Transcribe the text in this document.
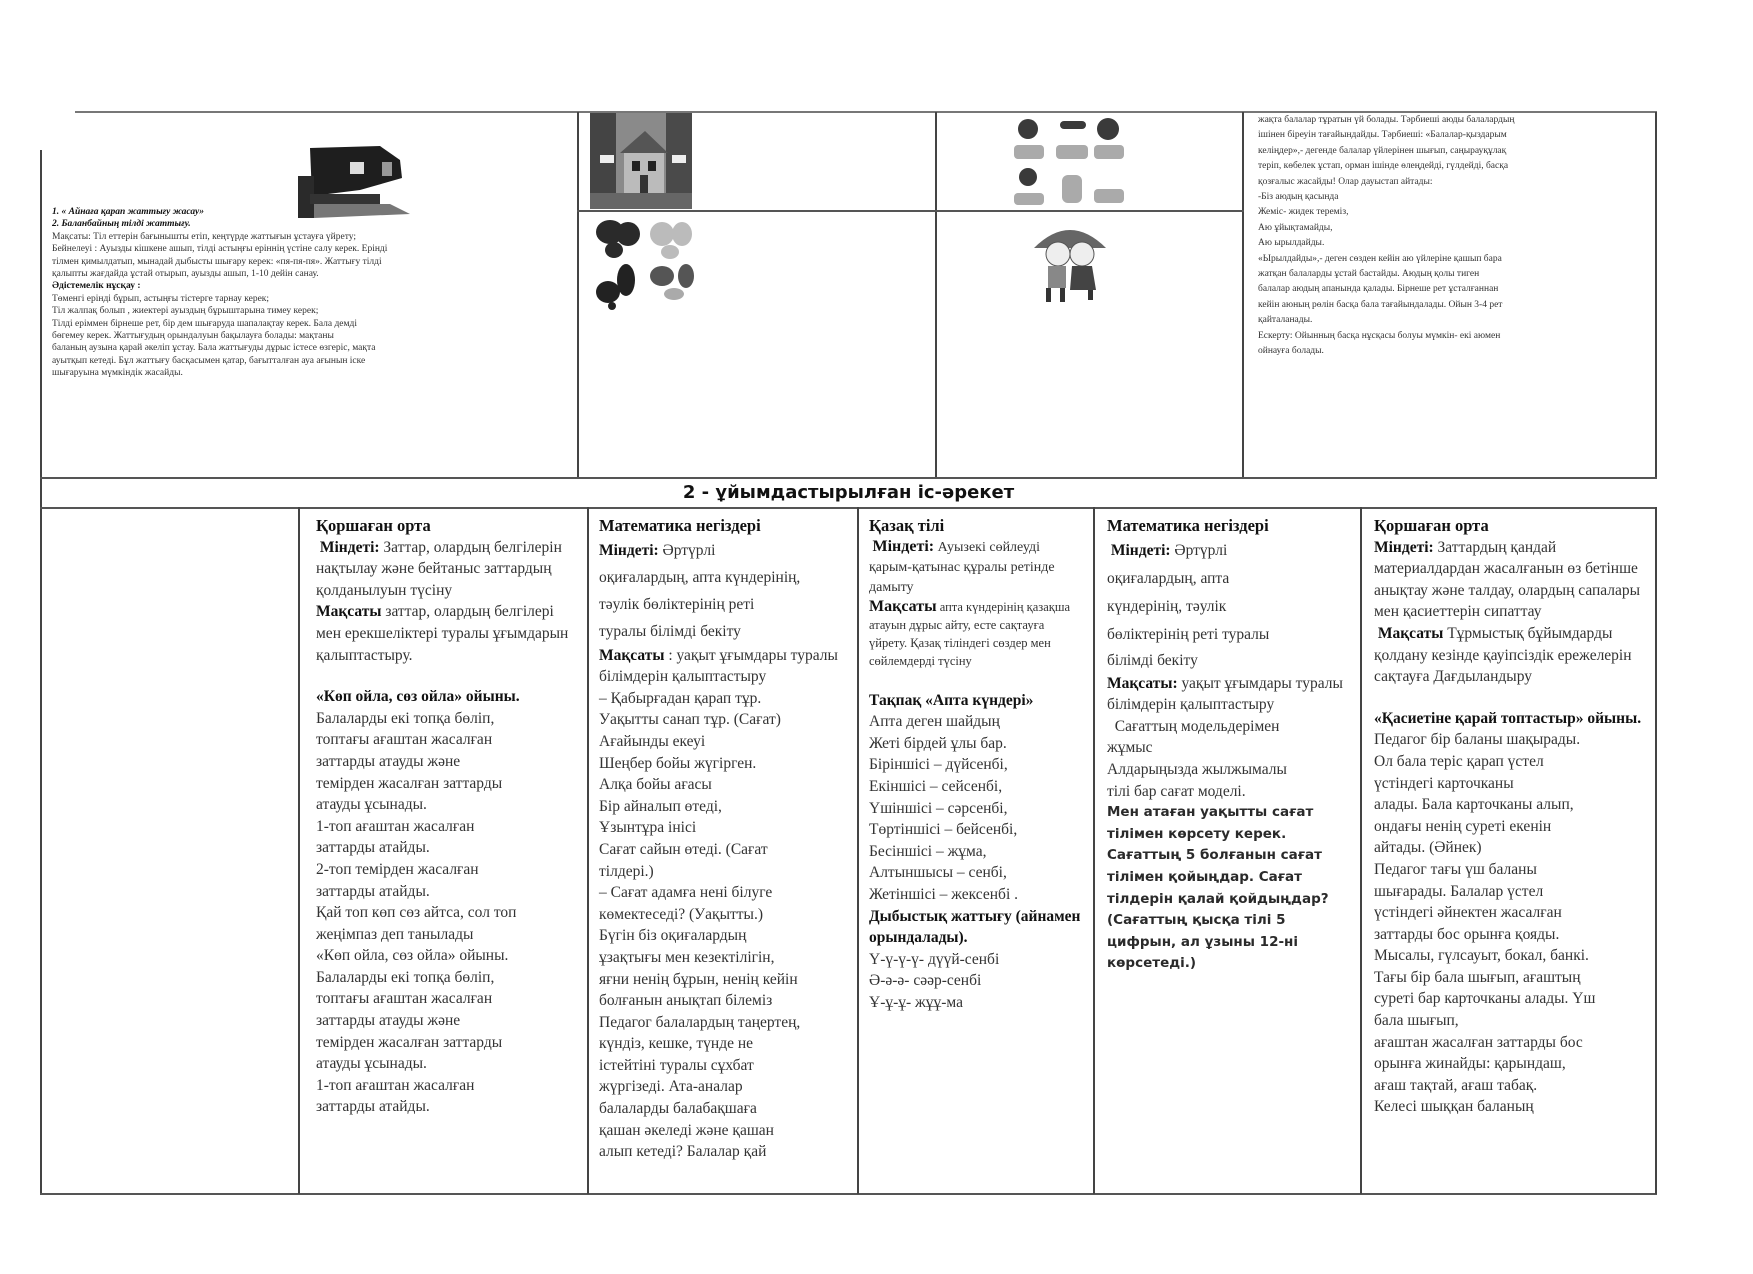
1. « Айнаға қарап жаттығу жасау»
2. Баланбайның тілді жаттығу.
Мақсаты: Тіл еттерін бағынышты етіп, кеңтүрде жаттығын ұстауға үйрету;
Бейнелеуі : Ауызды кішкене ашып, тілді астыңғы еріннің үстіне салу керек. Ерінді
тілмен қимылдатып, мынадай дыбысты шығару керек: «пя-пя-пя». Жаттығу тілді
қалыпты жағдайда ұстай отырып, ауызды ашып, 1-10 дейін санау.
Әдістемелік нұсқау :
Төменгі ерінді бұрып, астыңғы тістерге тарнау керек;
Тіл жалпақ болып , жиектері ауыздың бұрыштарына тимеу керек;
Тілді еріммен бірнеше рет, бір дем шығаруда шапалақтау керек. Бала демді
бөгемеу керек. Жаттығудың орындалуын бақылауға болады: мақтаны
баланың аузына қарай әкеліп ұстау. Бала жаттығуды дұрыс істесе өзгеріс, мақта
ауытқып кетеді. Бұл жаттығу басқасымен қатар, бағытталған ауа ағынын іске
шығаруына мүмкіндік жасайды.
жақта балалар тұратын үй болады. Тәрбиеші аюды балалардың
ішінен біреуін тағайындайды. Тәрбиеші: «Балалар-қыздарым
келіңдер»,- дегенде балалар үйлерінен шығып, саңырауқұлақ
теріп, көбелек ұстап, орман ішінде өлеңдейді, гүлдейді, басқа
қозғалыс жасайды! Олар дауыстап айтады:
-Біз аюдың қасында
Жеміс- жидек тереміз,
Аю ұйықтамайды,
Аю ырылдайды.
«Ырылдайды»,- деген сөзден кейін аю үйлеріне қашып бара
жатқан балаларды ұстай бастайды. Аюдың қолы тиген
балалар аюдың апанында қалады. Бірнеше рет ұсталғаннан
кейін аюның рөлін басқа бала тағайындалады. Ойын 3-4 рет
қайталанады.
Ескерту: Ойынның басқа нұсқасы болуы мүмкін- екі аюмен
ойнауға болады.
2 - ұйымдастырылған іс-әрекет
Қоршаған орта
Міндеті: Заттар, олардың белгілерін нақтылау және бейтаныс заттардың қолданылуын түсіну
Мақсаты заттар, олардың белгілері мен ерекшеліктері туралы ұғымдарын қалыптастыру.
«Көп ойла, сөз ойла» ойыны.
Балаларды екі топқа бөліп,
топтағы ағаштан жасалған
заттарды атауды және
темірден жасалған заттарды
атауды ұсынады.
1-топ ағаштан жасалған
заттарды атайды.
2-топ темірден жасалған
заттарды атайды.
Қай топ көп сөз айтса, сол топ
жеңімпаз деп танылады
«Көп ойла, сөз ойла» ойыны.
Балаларды екі топқа бөліп,
топтағы ағаштан жасалған
заттарды атауды және
темірден жасалған заттарды
атауды ұсынады.
1-топ ағаштан жасалған
заттарды атайды.
Математика негіздері
Міндеті: Әртүрлі
оқиғалардың, апта күндерінің,
тәулік бөліктерінің реті
туралы білімді бекіту
Мақсаты : уақыт ұғымдары туралы білімдерін қалыптастыру
– Қабырғадан қарап тұр.
Уақытты санап тұр. (Сағат)
Ағайынды екеуі
Шеңбер бойы жүгірген.
Алқа бойы ағасы
Бір айналып өтеді,
Ұзынтұра інісі
Сағат сайын өтеді. (Сағат
тілдері.)
– Сағат адамға нені білуге
көмектеседі? (Уақытты.)
Бүгін біз оқиғалардың
ұзақтығы мен кезектілігін,
яғни ненің бұрын, ненің кейін
болғанын анықтап білеміз
Педагог балалардың таңертең,
күндіз, кешке, түнде не
істейтіні туралы сұхбат
жүргізеді. Ата-аналар
балаларды балабақшаға
қашан әкеледі және қашан
алып кетеді? Балалар қай
Қазақ тілі
Міндеті: Ауызекі сөйлеуді қарым-қатынас құралы ретінде дамыту
Мақсаты апта күндерінің қазақша атауын дұрыс айту, есте сақтауға үйрету. Қазақ тіліндегі сөздер мен сөйлемдерді түсіну
Тақпақ «Апта күндері»
Апта деген шайдың
Жеті бірдей ұлы бар.
Біріншісі – дүйсенбі,
Екіншісі – сейсенбі,
Үшіншісі – сәрсенбі,
Төртіншісі – бейсенбі,
Бесіншісі – жұма,
Алтыншысы – сенбі,
Жетіншісі – жексенбі .
Дыбыстық жаттығу (айнамен орындалады).
Ү-ү-ү-ү- дүүй-сенбі
Ә-ә-ә- сәәр-сенбі
Ұ-ұ-ұ- жұұ-ма
Математика негіздері
Міндеті: Әртүрлі
оқиғалардың, апта
күндерінің, тәулік
бөліктерінің реті туралы
білімді бекіту
Мақсаты: уақыт ұғымдары туралы білімдерін қалыптастыру
Сағаттың модельдерімен
жұмыс
Алдарыңызда жылжымалы
тілі бар сағат моделі.
Мен атаған уақытты сағат
тілімен көрсету керек.
Сағаттың 5 болғанын сағат
тілімен қойыңдар. Сағат
тілдерін қалай қойдыңдар?
(Сағаттың қысқа тілі 5
цифрын, ал ұзыны 12-ні
көрсетеді.)
Қоршаған орта
Міндеті: Заттардың қандай материалдардан жасалғанын өз бетінше анықтау және талдау, олардың сапалары мен қасиеттерін сипаттау
Мақсаты Тұрмыстық бұйымдарды қолдану кезінде қауіпсіздік ережелерін сақтауға Дағдыландыру
«Қасиетіне қарай топтастыр» ойыны.
Педагог бір баланы шақырады.
Ол бала теріс қарап үстел
үстіндегі карточканы
алады. Бала карточканы алып,
ондағы ненің суреті екенін
айтады. (Әйнек)
Педагог тағы үш баланы
шығарады. Балалар үстел
үстіндегі әйнектен жасалған
заттарды бос орынға қояды.
Мысалы, гүлсауыт, бокал, банкі.
Тағы бір бала шығып, ағаштың
суреті бар карточканы алады. Үш
бала шығып,
ағаштан жасалған заттарды бос
орынға жинайды: қарындаш,
ағаш тақтай, ағаш табақ.
Келесі шыққан баланың
